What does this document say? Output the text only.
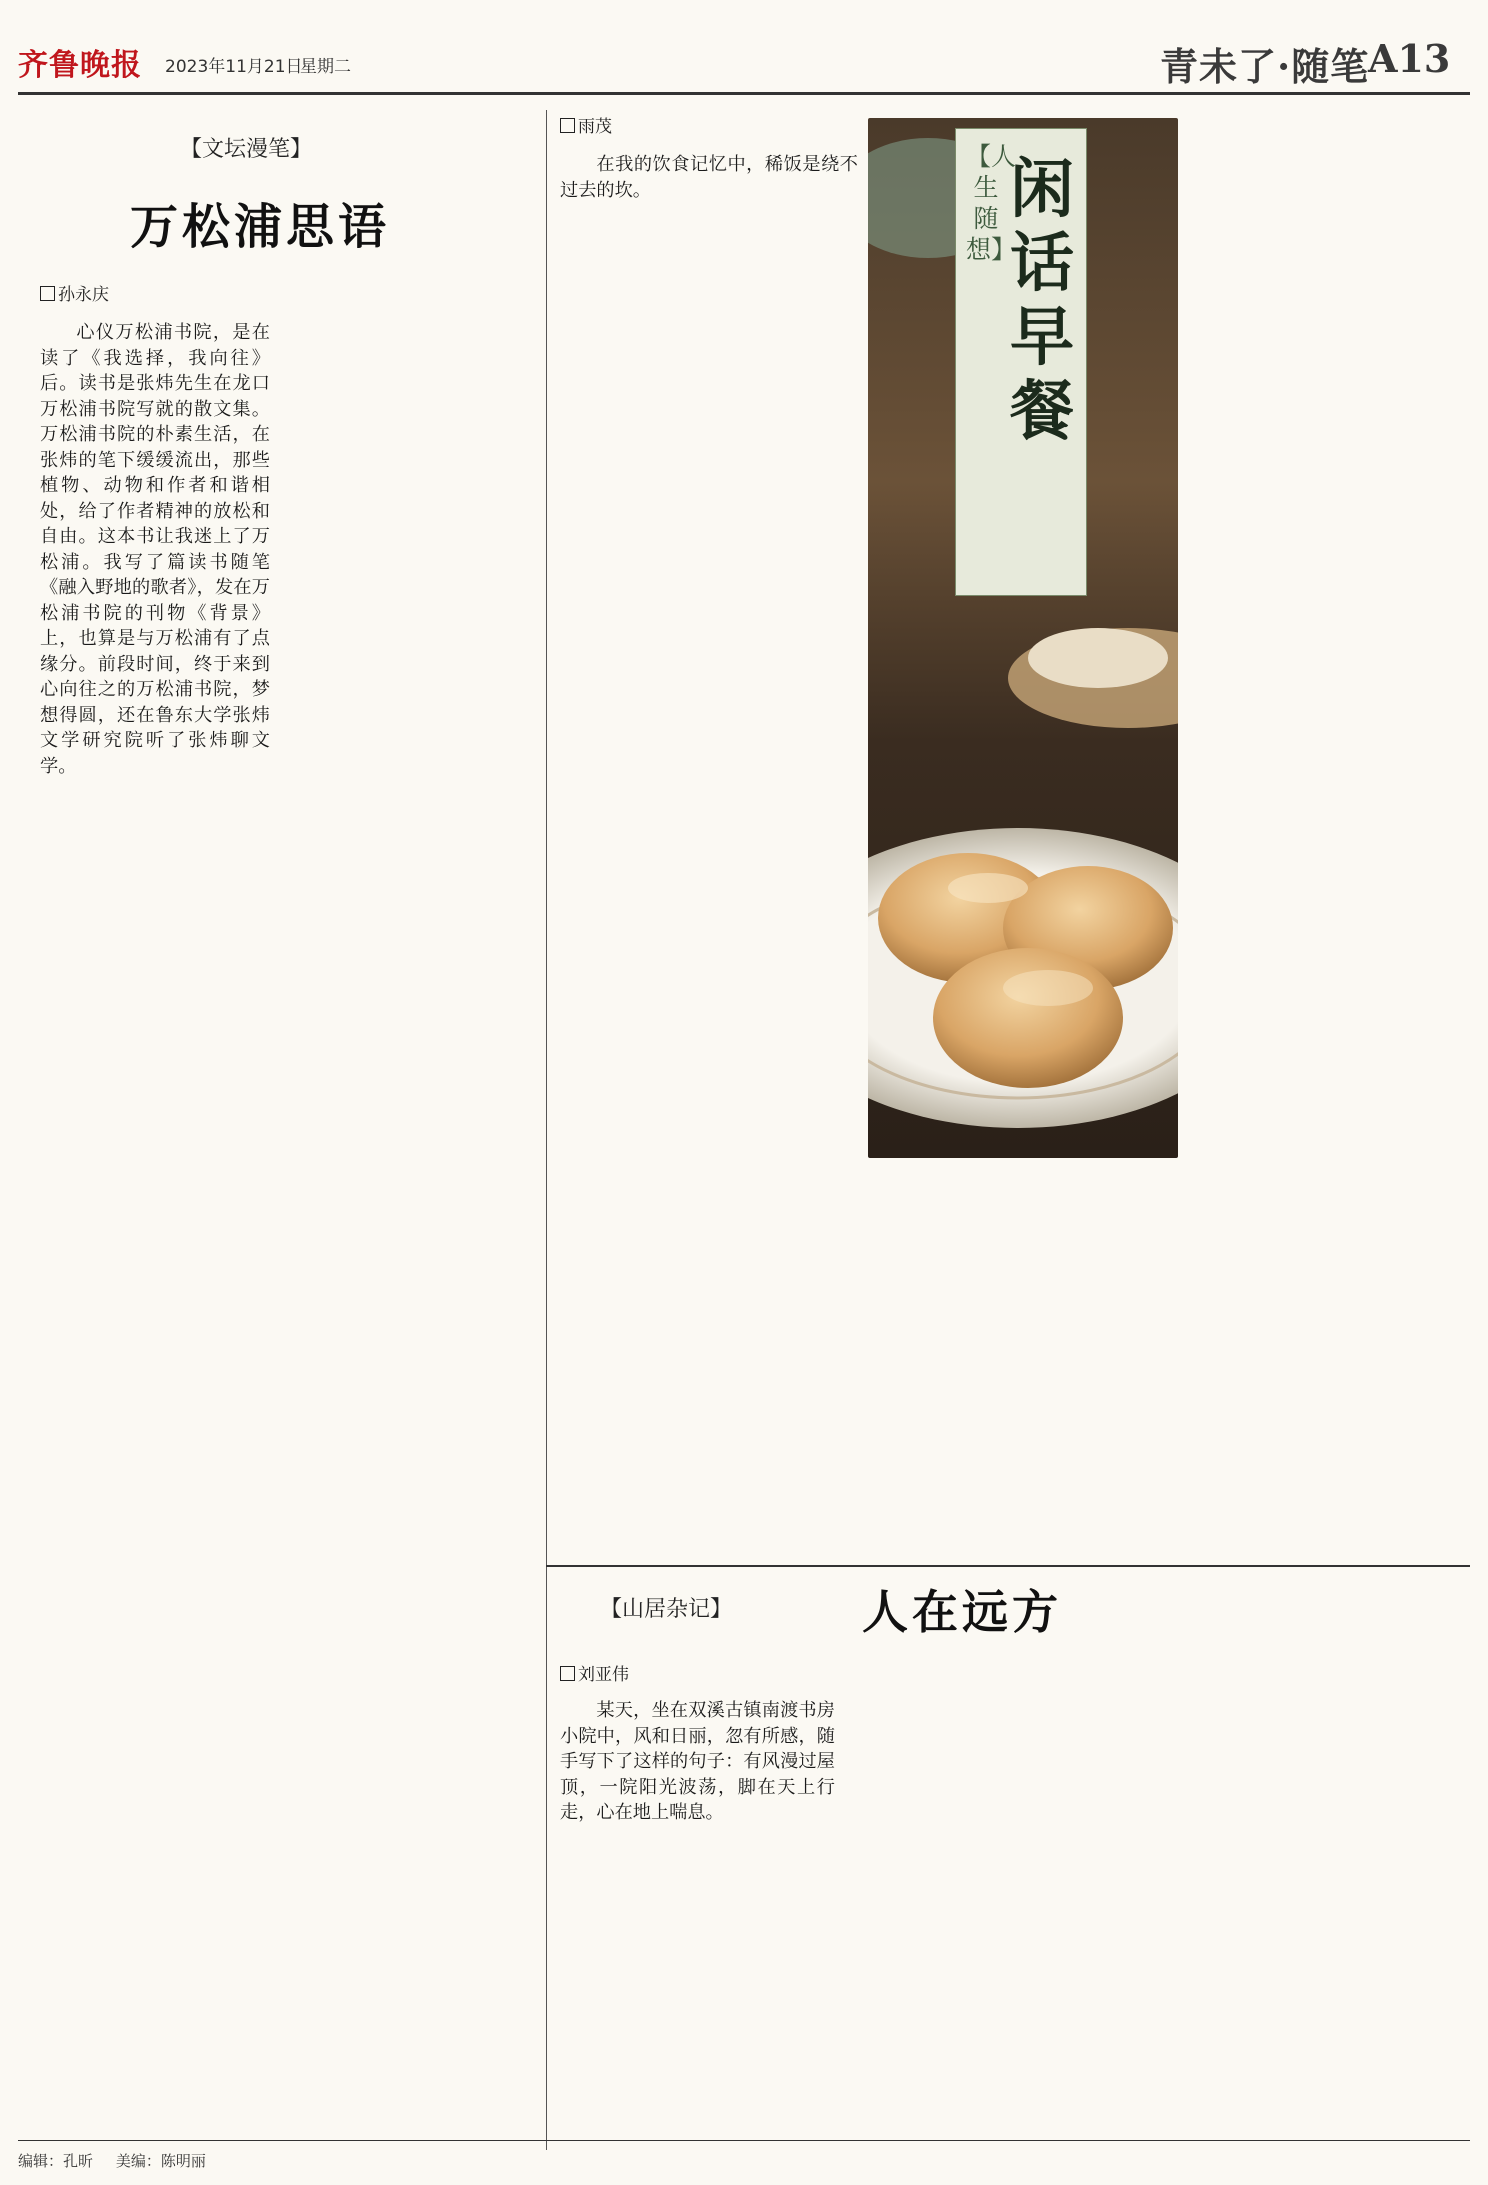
齐鲁晚报 2023年11月21日
星期二	青未了·随笔
A13
【文坛漫笔】
万松浦思语
孙永庆

心仪万松浦书院，是在读了《我选择，我向往》后。读书是张炜先生在龙口万松浦书院写就的散文集。万松浦书院的朴素生活，在张炜的笔下缓缓流出，那些植物、动物和作者和谐相处，给了作者精神的放松和自由。这本书让我迷上了万松浦。我写了篇读书随笔《融入野地的歌者》，发在万松浦书院的刊物《背景》上，也算是与万松浦有了点缘分。前段时间，终于来到心向往之的万松浦书院，梦想得圆，还在鲁东大学张炜文学研究院听了张炜聊文学。

雨茂

在我的饮食记忆中，稀饭是绕不过去的坎。

【人生随想】
闲话早餐
【山居杂记】	人在远方
刘亚伟

某天，坐在双溪古镇南渡书房小院中，风和日丽，忽有所感，随手写下了这样的句子：有风漫过屋顶，一院阳光波荡，脚在天上行走，心在地上喘息。

编辑：孔昕 美编：陈明丽
